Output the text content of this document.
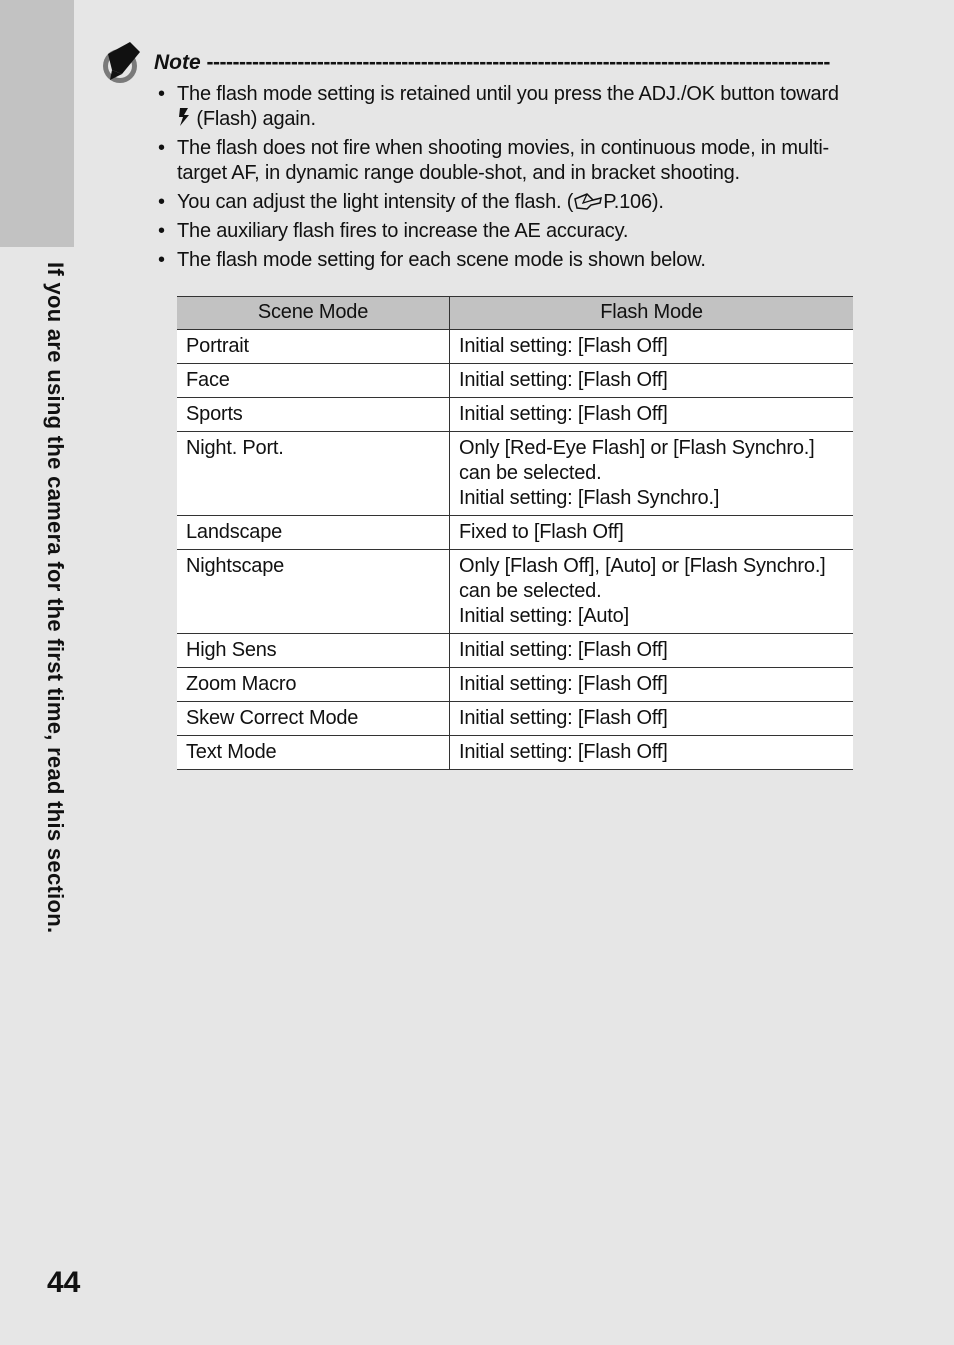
If you are using the camera for the first time, read this section.
Note ------------------------------------------------------------------------------------------------
• The flash mode setting is retained until you press the ADJ./OK button toward  (Flash) again.
• The flash does not fire when shooting movies, in continuous mode, in multi-target AF, in dynamic range double-shot, and in bracket shooting.
• You can adjust the light intensity of the flash. ( P.106).
• The auxiliary flash fires to increase the AE accuracy.
• The flash mode setting for each scene mode is shown below.
Scene Mode	Flash Mode
Portrait	Initial setting: [Flash Off]

Face	Initial setting: [Flash Off]

Sports	Initial setting: [Flash Off]

Night. Port.	Only [Red-Eye Flash] or [Flash Synchro.] can be selected.
Initial setting: [Flash Synchro.]

Landscape	Fixed to [Flash Off]

Nightscape	Only [Flash Off], [Auto] or [Flash Synchro.] can be selected.
Initial setting: [Auto]

High Sens	Initial setting: [Flash Off]

Zoom Macro	Initial setting: [Flash Off]

Skew Correct Mode	Initial setting: [Flash Off]

Text Mode	Initial setting: [Flash Off]
44
